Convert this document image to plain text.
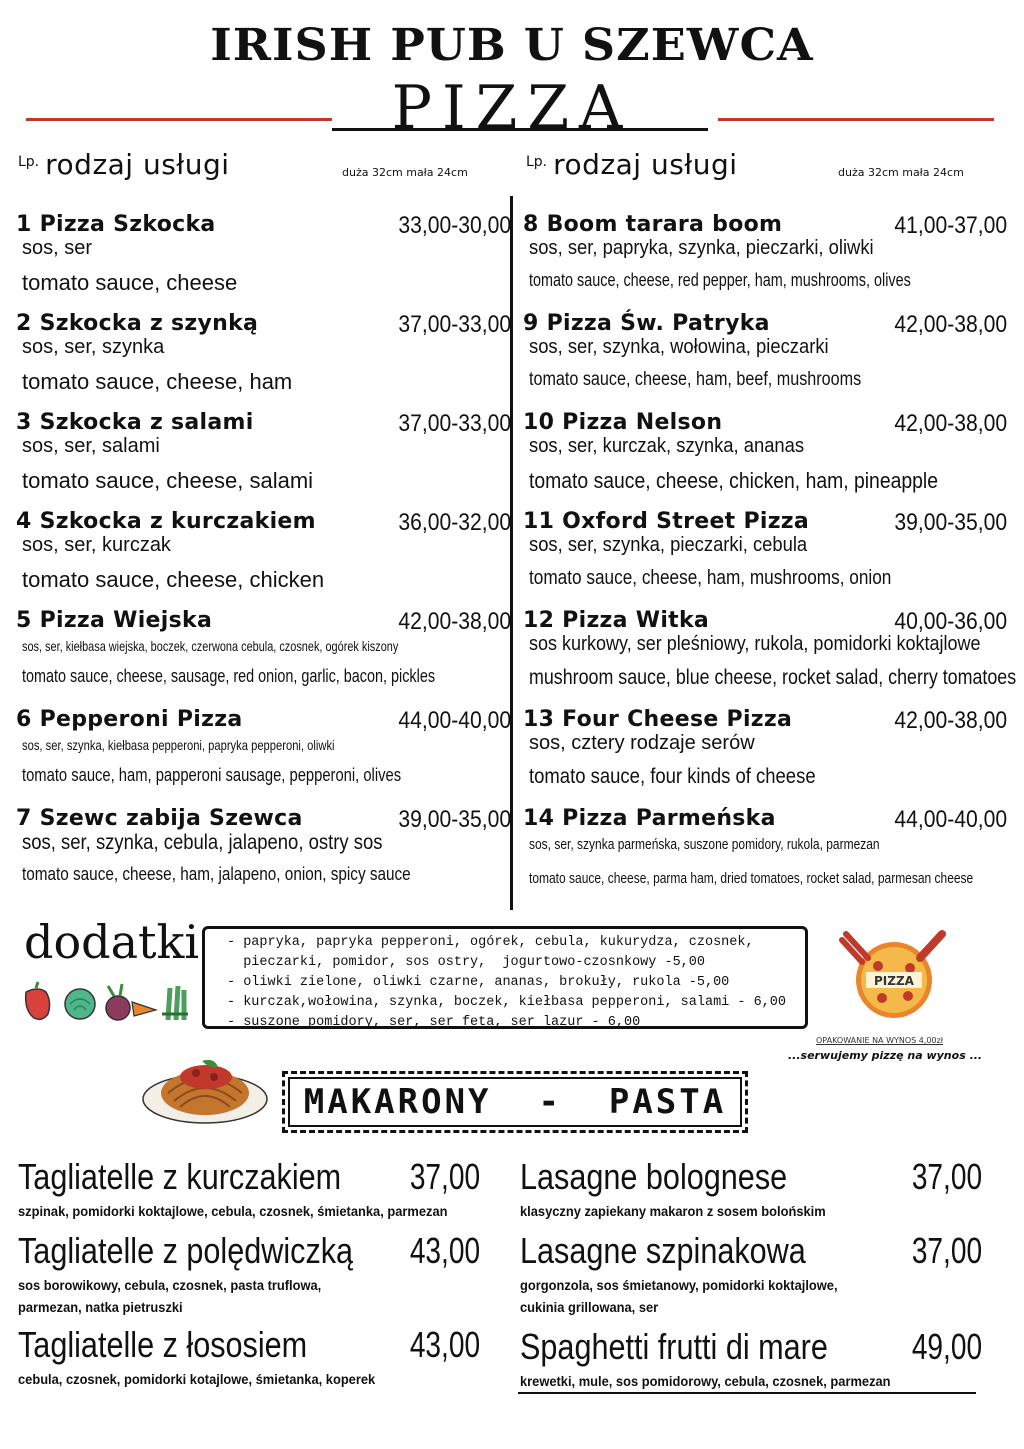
IRISH PUB U SZEWCA
PIZZA
Lp. rodzaj usługi	duża 32cm mała 24cm
Lp. rodzaj usługi	duża 32cm mała 24cm
1 Pizza Szkocka	33,00-30,00
sos, ser
tomato sauce, cheese
2 Szkocka z szynką	37,00-33,00
sos, ser, szynka
tomato sauce, cheese, ham
3 Szkocka z salami	37,00-33,00
sos, ser, salami
tomato sauce, cheese, salami
4 Szkocka z kurczakiem	36,00-32,00
sos, ser, kurczak
tomato sauce, cheese, chicken
5 Pizza Wiejska	42,00-38,00
sos, ser, kiełbasa wiejska, boczek, czerwona cebula, czosnek, ogórek kiszony
tomato sauce, cheese, sausage, red onion, garlic, bacon, pickles
6 Pepperoni Pizza	44,00-40,00
sos, ser, szynka, kiełbasa pepperoni, papryka pepperoni, oliwki
tomato sauce, ham, papperoni sausage, pepperoni, olives
7 Szewc zabija Szewca	39,00-35,00
sos, ser, szynka, cebula, jalapeno, ostry sos
tomato sauce, cheese, ham, jalapeno, onion, spicy sauce
8 Boom tarara boom	41,00-37,00
sos, ser, papryka, szynka, pieczarki, oliwki
tomato sauce, cheese, red pepper, ham, mushrooms, olives
9 Pizza Św. Patryka	42,00-38,00
sos, ser, szynka, wołowina, pieczarki
tomato sauce, cheese, ham, beef, mushrooms
10 Pizza Nelson	42,00-38,00
sos, ser, kurczak, szynka, ananas
tomato sauce, cheese, chicken, ham, pineapple
11 Oxford Street Pizza	39,00-35,00
sos, ser, szynka, pieczarki, cebula
tomato sauce, cheese, ham, mushrooms, onion
12 Pizza Witka	40,00-36,00
sos kurkowy, ser pleśniowy, rukola, pomidorki koktajlowe
mushroom sauce, blue cheese, rocket salad, cherry tomatoes
13 Four Cheese Pizza	42,00-38,00
sos, cztery rodzaje serów
tomato sauce, four kinds of cheese
14 Pizza Parmeńska	44,00-40,00
sos, ser, szynka parmeńska, suszone pomidory, rukola, parmezan
tomato sauce, cheese, parma ham, dried tomatoes, rocket salad, parmesan cheese
dodatki - papryka, papryka pepperoni, ogórek, cebula, kukurydza, czosnek,
pieczarki, pomidor, sos ostry,  jogurtowo-czosnkowy -5,00
- oliwki zielone, oliwki czarne, ananas, brokuły, rukola -5,00
- kurczak,wołowina, szynka, boczek, kiełbasa pepperoni, salami - 6,00
- suszone pomidory, ser, ser feta, ser lazur - 6,00
PIZZA
OPAKOWANIE NA WYNOS 4,00zł
...serwujemy pizzę na wynos ...
MAKARONY  -  PASTA
Tagliatelle z kurczakiem 37,00
szpinak, pomidorki koktajlowe, cebula, czosnek, śmietanka, parmezan
Tagliatelle z polędwiczką 43,00
sos borowikowy, cebula, czosnek, pasta truflowa,
parmezan, natka pietruszki
Tagliatelle z łososiem	43,00
cebula, czosnek, pomidorki kotajlowe, śmietanka, koperek
Lasagne bolognese	37,00
klasyczny zapiekany makaron z sosem bolońskim
Lasagne szpinakowa	37,00
gorgonzola, sos śmietanowy, pomidorki koktajlowe,
cukinia grillowana, ser
Spaghetti frutti di mare 49,00
krewetki, mule, sos pomidorowy, cebula, czosnek, parmezan
